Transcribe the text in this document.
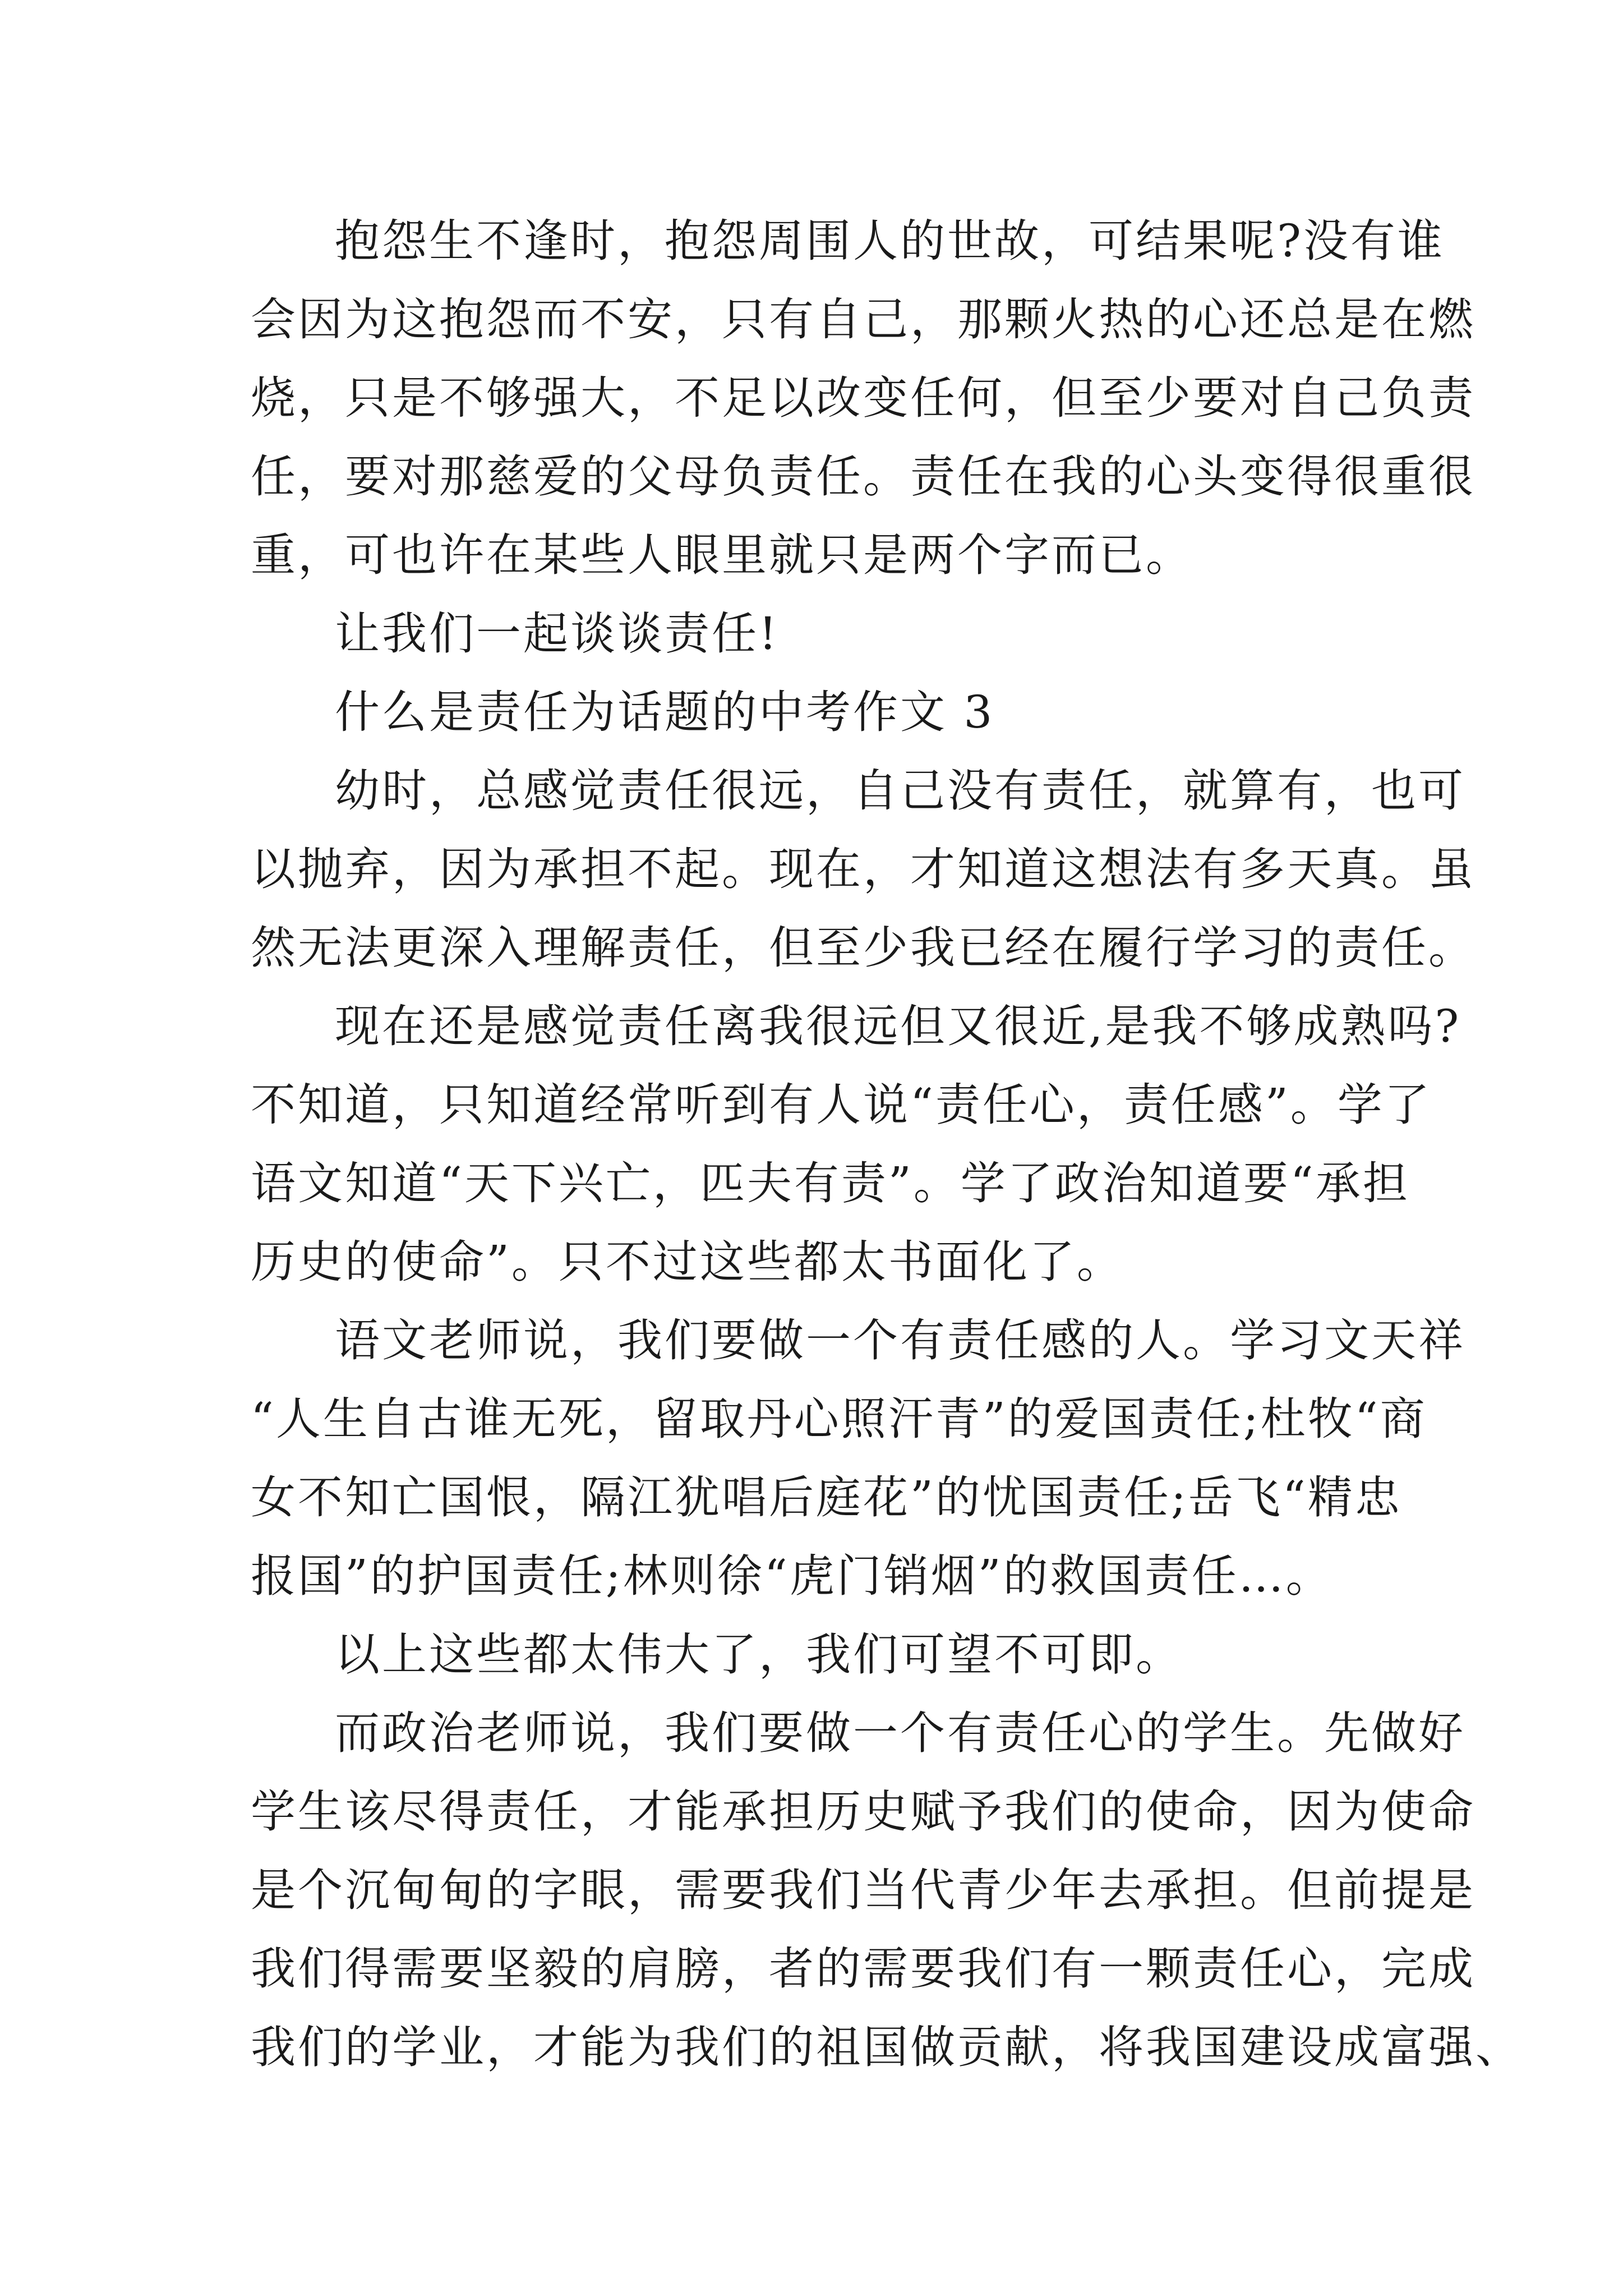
抱怨生不逢时，抱怨周围人的世故，可结果呢?没有谁
会因为这抱怨而不安，只有自己，那颗火热的心还总是在燃
烧，只是不够强大，不足以改变任何，但至少要对自己负责
任，要对那慈爱的父母负责任。责任在我的心头变得很重很
重，可也许在某些人眼里就只是两个字而已。
让我们一起谈谈责任!
什么是责任为话题的中考作文 3
幼时，总感觉责任很远，自己没有责任，就算有，也可
以抛弃，因为承担不起。现在，才知道这想法有多天真。虽
然无法更深入理解责任，但至少我已经在履行学习的责任。
现在还是感觉责任离我很远但又很近,是我不够成熟吗?
不知道，只知道经常听到有人说“责任心，责任感”。学了
语文知道“天下兴亡，匹夫有责”。学了政治知道要“承担
历史的使命”。只不过这些都太书面化了。
语文老师说，我们要做一个有责任感的人。学习文天祥
“人生自古谁无死，留取丹心照汗青”的爱国责任;杜牧“商
女不知亡国恨，隔江犹唱后庭花”的忧国责任;岳飞“精忠
报国”的护国责任;林则徐“虎门销烟”的救国责任…。
以上这些都太伟大了，我们可望不可即。
而政治老师说，我们要做一个有责任心的学生。先做好
学生该尽得责任，才能承担历史赋予我们的使命，因为使命
是个沉甸甸的字眼，需要我们当代青少年去承担。但前提是
我们得需要坚毅的肩膀，者的需要我们有一颗责任心，完成
我们的学业，才能为我们的祖国做贡献，将我国建设成富强、
